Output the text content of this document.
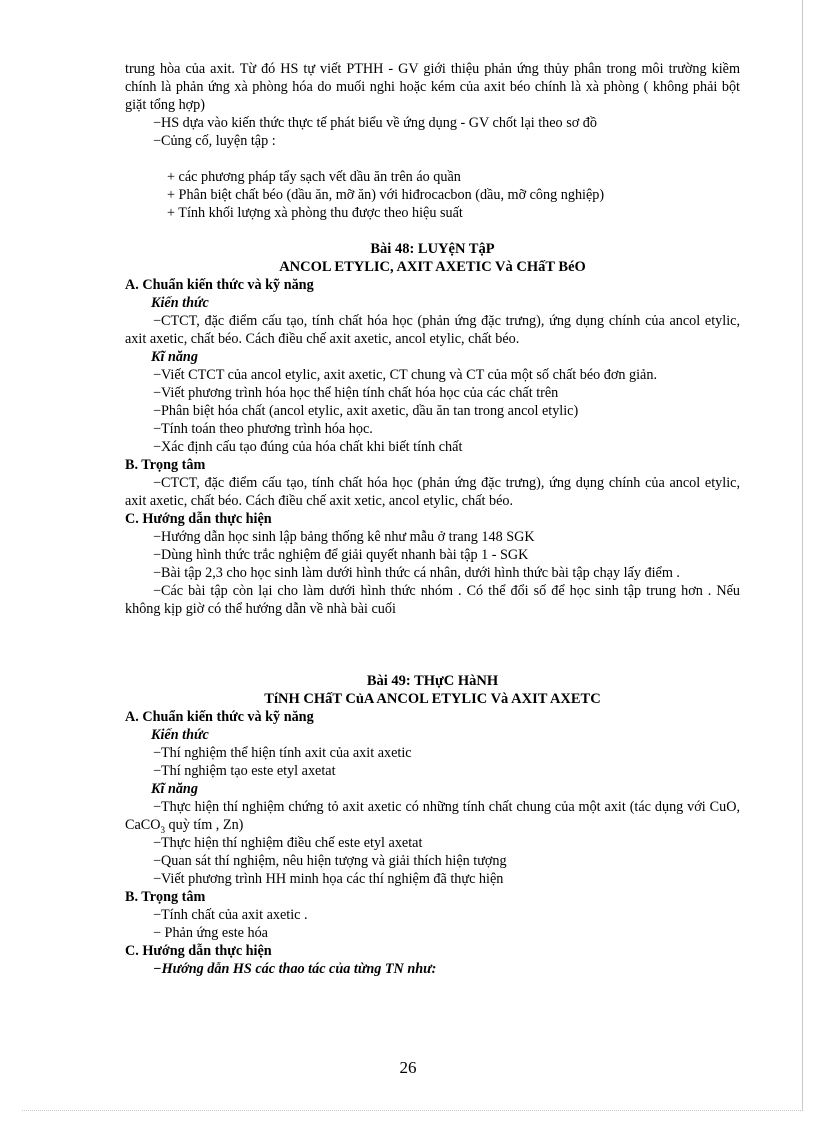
trung hòa của axit. Từ đó HS tự viết PTHH - GV giới thiệu phản ứng thủy phân trong môi trường kiềm chính là phản ứng xà phòng hóa do muối nghi hoặc kém của axit béo chính là xà phòng ( không phải bột giặt tổng hợp)

−HS dựa vào kiến thức thực tế phát biểu về ứng dụng - GV chốt lại theo sơ đồ

−Củng cố, luyện tập :

+ các phương pháp tẩy sạch vết dầu ăn trên áo quần

+ Phân biệt chất béo (dầu ăn, mỡ ăn) với hiđrocacbon (dầu, mỡ công nghiệp)

+ Tính khối lượng xà phòng thu được theo hiệu suất

Bài 48: LUYệN TậP

ANCOL ETYLIC, AXIT AXETIC Và CHấT BéO

A. Chuẩn kiến thức và kỹ năng

Kiến thức

−CTCT, đặc điểm cấu tạo, tính chất hóa học (phản ứng đặc trưng), ứng dụng chính của ancol etylic, axit axetic, chất béo. Cách điều chế axit axetic, ancol etylic, chất béo.

Kĩ năng

−Viết CTCT của ancol etylic, axit axetic, CT chung và CT của một số chất béo đơn giản.

−Viết phương trình hóa học thể hiện tính chất hóa học của các chất trên

−Phân biệt hóa chất (ancol etylic, axit axetic, dầu ăn tan trong ancol etylic)

−Tính toán theo phương trình hóa học.

−Xác định cấu tạo đúng của hóa chất khi biết tính chất

B. Trọng tâm

−CTCT, đặc điểm cấu tạo, tính chất hóa học (phản ứng đặc trưng), ứng dụng chính của ancol etylic, axit axetic, chất béo. Cách điều chế axit xetic, ancol etylic, chất béo.

C. Hướng dẫn thực hiện

−Hướng dẫn học sinh lập bảng thống kê như mẫu ở trang 148 SGK

−Dùng hình thức trắc nghiệm để giải quyết nhanh bài tập 1 - SGK

−Bài tập 2,3 cho học sinh làm dưới hình thức cá nhân, dưới hình thức bài tập chạy lấy điểm .

−Các bài tập còn lại cho làm dưới hình thức nhóm . Có thể đổi số để học sinh tập trung hơn . Nếu không kịp giờ có thể hướng dẫn về nhà bài cuối

Bài 49: THựC HàNH

TíNH CHấT CủA ANCOL ETYLIC Và AXIT AXETC

A. Chuẩn kiến thức và kỹ năng

Kiến thức

−Thí nghiệm thể hiện tính axit của axit axetic

−Thí nghiệm tạo este etyl axetat

Kĩ năng

−Thực hiện thí nghiệm chứng tỏ axit axetic có những tính chất chung của một axit (tác dụng với CuO, CaCO$_3$ quỳ tím , Zn)

−Thực hiện thí nghiệm điều chế este etyl axetat

−Quan sát thí nghiệm, nêu hiện tượng và giải thích hiện tượng

−Viết phương trình HH minh họa các thí nghiệm đã thực hiện

B. Trọng tâm

−Tính chất của axit axetic .

− Phản ứng este hóa

C. Hướng dẫn thực hiện

−Hướng dẫn HS các thao tác của từng TN như:

26
